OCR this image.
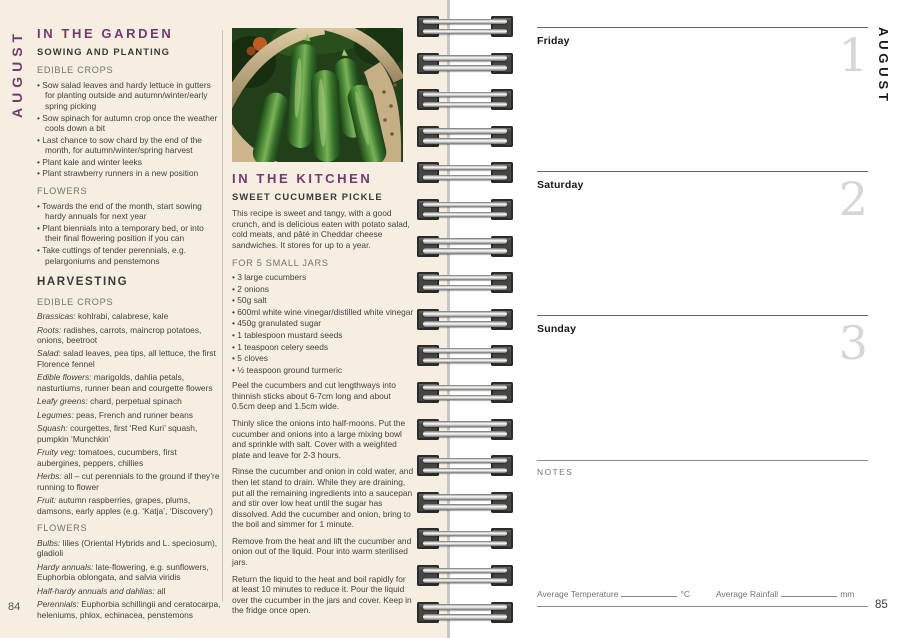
AUGUST IN THE GARDEN
SOWING AND PLANTING
EDIBLE CROPS
• Sow salad leaves and hardy lettuce in gutters for planting outside and autumn/winter/early spring picking
• Sow spinach for autumn crop once the weather cools down a bit
• Last chance to sow chard by the end of the month, for autumn/winter/spring harvest
• Plant kale and winter leeks
• Plant strawberry runners in a new position
FLOWERS
• Towards the end of the month, start sowing hardy annuals for next year
• Plant biennials into a temporary bed, or into their final flowering position if you can
• Take cuttings of tender perennials, e.g. pelargoniums and penstemons
HARVESTING
EDIBLE CROPS
Brassicas: kohlrabi, calabrese, kale
Roots: radishes, carrots, maincrop potatoes, onions, beetroot
Salad: salad leaves, pea tips, all lettuce, the first Florence fennel
Edible flowers: marigolds, dahlia petals, nasturtiums, runner bean and courgette flowers
Leafy greens: chard, perpetual spinach
Legumes: peas, French and runner beans
Squash: courgettes, first ‘Red Kuri’ squash, pumpkin ‘Munchkin’
Fruity veg: tomatoes, cucumbers, first aubergines, peppers, chillies
Herbs: all – cut perennials to the ground if they’re running to flower
Fruit: autumn raspberries, grapes, plums, damsons, early apples (e.g. ‘Katja’, ‘Discovery’)
FLOWERS
Bulbs: lilies (Oriental Hybrids and L. speciosum), gladioli
Hardy annuals: late-flowering, e.g. sunflowers, Euphorbia oblongata, and salvia viridis
Half-hardy annuals and dahlias: all
Perennials: Euphorbia schillingii and ceratocarpa, heleniums, phlox, echinacea, penstemons
IN THE KITCHEN
SWEET CUCUMBER PICKLE
This recipe is sweet and tangy, with a good crunch, and is delicious eaten with potato salad, cold meats, and pâté in Cheddar cheese sandwiches. It stores for up to a year.
FOR 5 SMALL JARS
• 3 large cucumbers
• 2 onions
• 50g salt
• 600ml white wine vinegar/distilled white vinegar
• 450g granulated sugar
• 1 tablespoon mustard seeds
• 1 teaspoon celery seeds
• 5 cloves
• ½ teaspoon ground turmeric
Peel the cucumbers and cut lengthways into thinnish sticks about 6-7cm long and about 0.5cm deep and 1.5cm wide.
Thinly slice the onions into half-moons. Put the cucumber and onions into a large mixing bowl and sprinkle with salt. Cover with a weighted plate and leave for 2-3 hours.
Rinse the cucumber and onion in cold water, and then let stand to drain. While they are draining, put all the remaining ingredients into a saucepan and stir over low heat until the sugar has dissolved. Add the cucumber and onion, bring to the boil and simmer for 1 minute.
Remove from the heat and lift the cucumber and onion out of the liquid. Pour into warm sterilised jars.
Return the liquid to the heat and boil rapidly for at least 10 minutes to reduce it. Pour the liquid over the cucumber in the jars and cover. Keep in the fridge once open.
84
Friday	1
Saturday	2
Sunday	3
NOTES
AUGUST
Average Temperature	°C	Average Rainfall	mm
85
